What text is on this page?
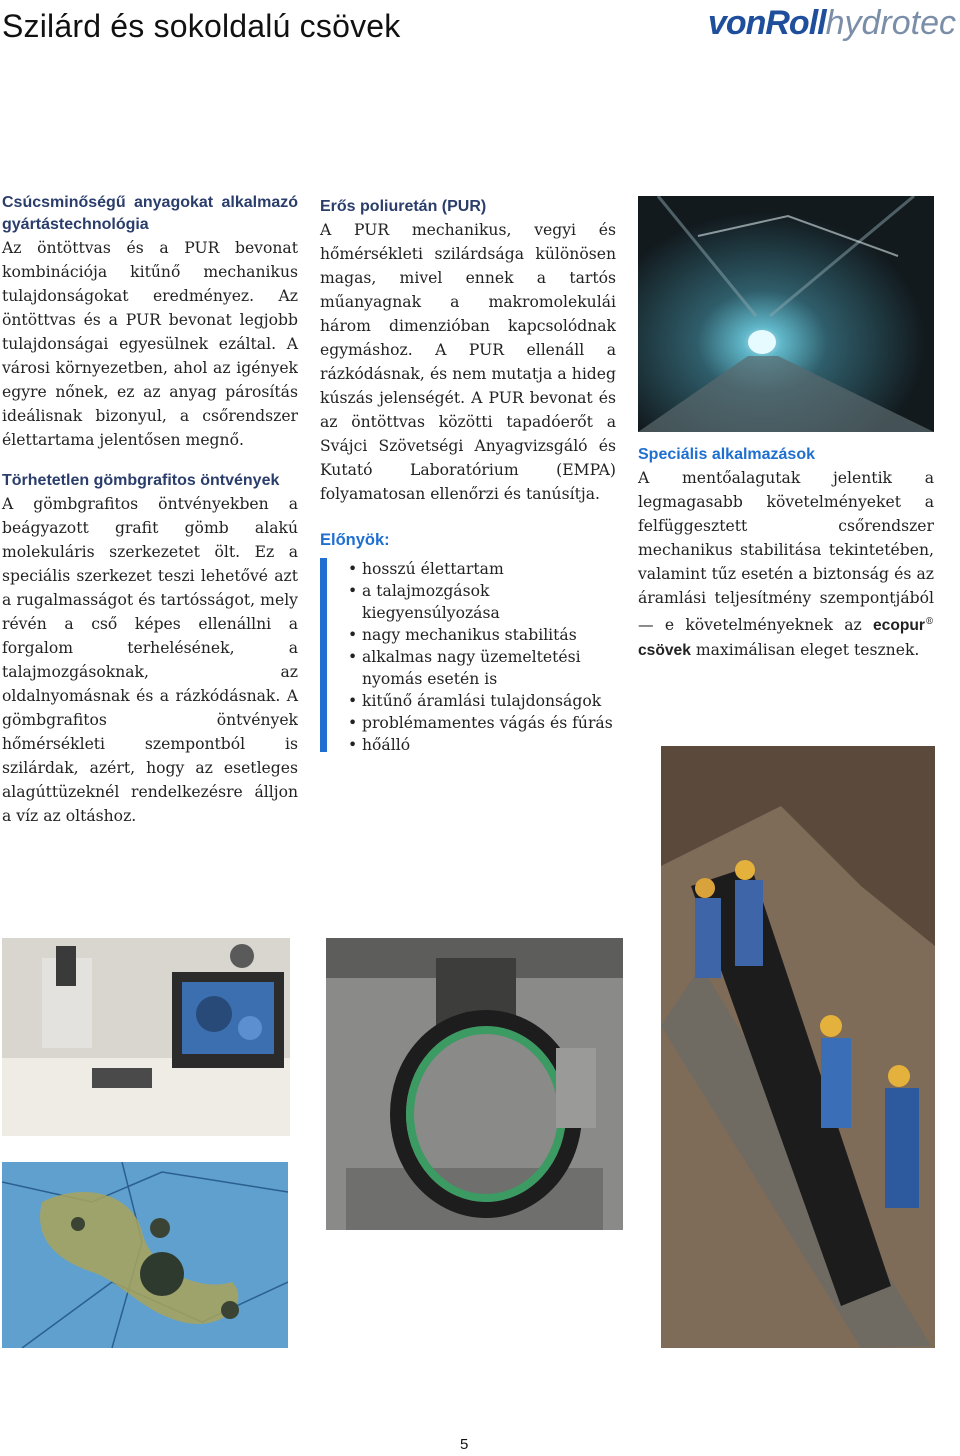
Szilárd és sokoldalú csövek	vonRoll hydrotec

Csúcsminőségű anyagokat alkalmazó gyártástechnológia

Az öntöttvas és a PUR bevonat kombinációja kitűnő mechanikus tulajdonságokat eredményez. Az öntöttvas és a PUR bevonat legjobb tulajdonságai egyesülnek ezáltal. A városi környezetben, ahol az igények egyre nőnek, ez az anyag párosítás ideálisnak bizonyul, a csőrendszer élettartama jelentősen megnő.

Törhetetlen gömbgrafitos öntvények

A gömbgrafitos öntvényekben a beágyazott grafit gömb alakú molekuláris szerkezetet ölt. Ez a speciális szerkezet teszi lehetővé azt a rugalmasságot és tartósságot, mely révén a cső képes ellenállni a forgalom terhelésének, a talajmozgásoknak, az oldalnyomásnak és a rázkódásnak. A gömbgrafitos öntvények hőmérsékleti szempontból is szilárdak, azért, hogy az esetleges alagúttüzeknél rendelkezésre álljon a víz az oltáshoz.

Erős poliuretán (PUR)

A PUR mechanikus, vegyi és hőmérsékleti szilárdsága különösen magas, mivel ennek a tartós műanyagnak a makromolekulái három dimenzióban kapcsolódnak egymáshoz. A PUR ellenáll a rázkódásnak, és nem mutatja a hideg kúszás jelenségét. A PUR bevonat és az öntöttvas közötti tapadóerőt a Svájci Szövetségi Anyagvizsgáló és Kutató Laboratórium (EMPA) folyamatosan ellenőrzi és tanúsítja.

Előnyök:

• hosszú élettartam
• a talajmozgások kiegyensúlyozása
• nagy mechanikus stabilitás
• alkalmas nagy üzemeltetési nyomás esetén is
• kitűnő áramlási tulajdonságok
• problémamentes vágás és fúrás
• hőálló

Speciális alkalmazások

A mentőalagutak jelentik a legmagasabb követelményeket a felfüggesztett csőrendszer mechanikus stabilitása tekintetében, valamint tűz esetén a biztonság és az áramlási teljesítmény szempontjából — e követelményeknek az ecopur® csövek maximálisan eleget tesznek.

5
